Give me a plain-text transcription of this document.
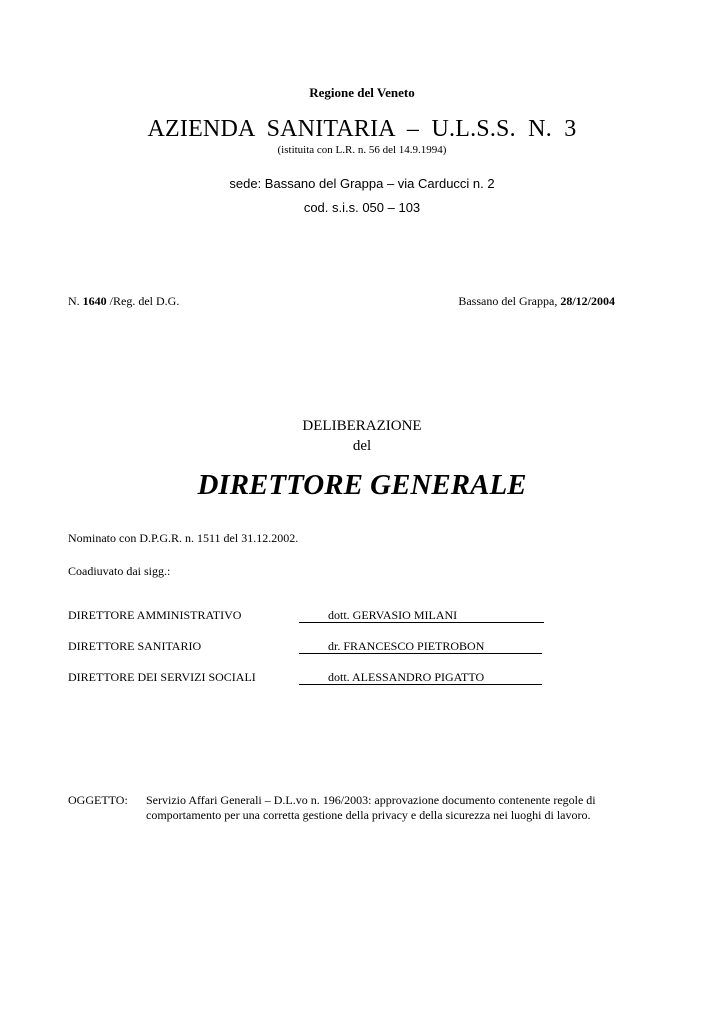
Regione del Veneto

AZIENDA  SANITARIA  –  U.L.S.S.  N.  3

(istituita con L.R. n. 56 del 14.9.1994)

sede: Bassano del Grappa – via Carducci n. 2

cod. s.i.s. 050 – 103

N. 1640 /Reg. del D.G.	Bassano del Grappa, 28/12/2004

DELIBERAZIONE

del

DIRETTORE GENERALE

Nominato con D.P.G.R. n. 1511 del 31.12.2002.

Coadiuvato dai sigg.:

DIRETTORE AMMINISTRATIVO	dott. GERVASIO MILANI

DIRETTORE SANITARIO	dr. FRANCESCO PIETROBON

DIRETTORE DEI SERVIZI SOCIALI	dott. ALESSANDRO PIGATTO

OGGETTO: Servizio Affari Generali – D.L.vo n. 196/2003: approvazione documento contenente regole di comportamento per una corretta gestione della privacy e della sicurezza nei luoghi di lavoro.
